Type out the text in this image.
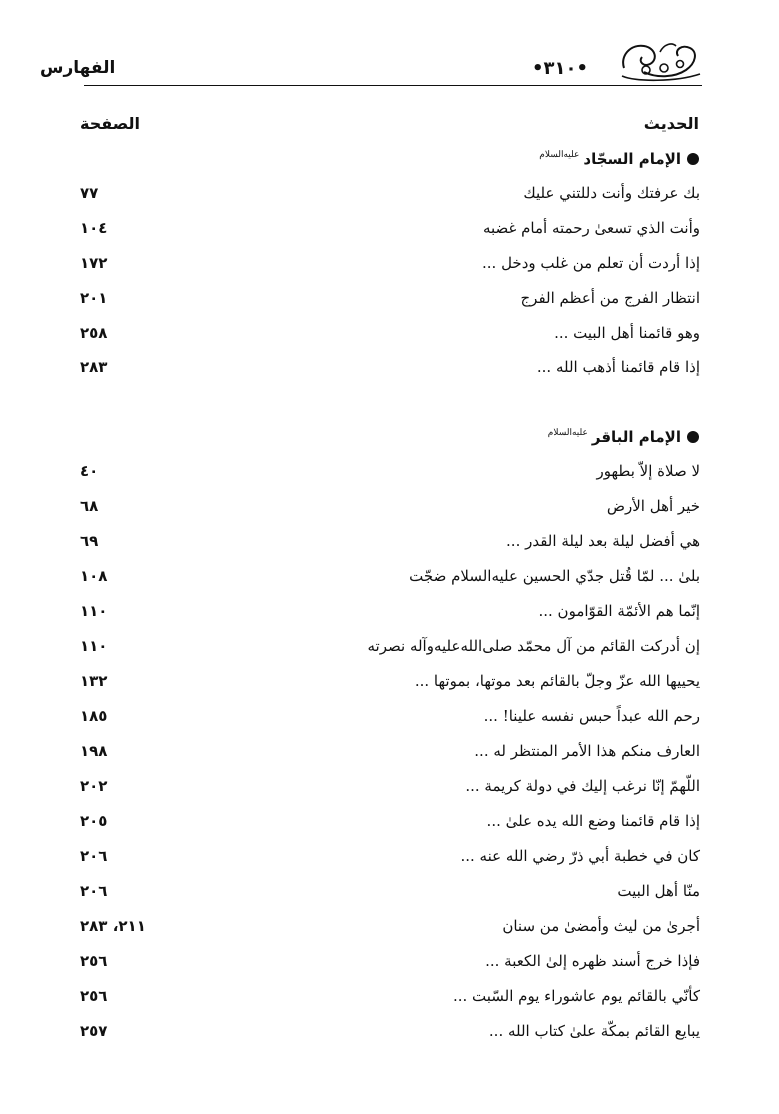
•٣١٠•
الفهارس
الحديث
الصفحة
الإمام السجّاد$^{عليه‌السلام}$
بك عرفتك وأنت دللتني عليك
٧٧
وأنت الذي تسعىٰ رحمته أمام غضبه
١٠٤
إذا أردت أن تعلم من غلب ودخل ...
١٧٢
انتظار الفرج من أعظم الفرج
٢٠١
وهو قائمنا أهل البيت ...
٢٥٨
إذا قام قائمنا أذهب الله ...
٢٨٣
الإمام الباقر$^{عليه‌السلام}$
لا صلاة إلاّ بطهور
٤٠
خير أهل الأرض
٦٨
هي أفضل ليلة بعد ليلة القدر ...
٦٩
بلىٰ ... لمّا قُتل جدّي الحسين عليه‌السلام ضجّت
١٠٨
إنّما هم الأئمّة القوّامون ...
١١٠
إن أدركت القائم من آل محمّد صلى‌الله‌عليه‌وآله نصرته
١١٠
يحييها الله عزّ وجلّ بالقائم بعد موتها، بموتها ...
١٣٢
رحم الله عبداً حبس نفسه علينا! ...
١٨٥
العارف منكم هذا الأمر المنتظر له ...
١٩٨
اللّهمّ إنّا نرغب إليك في دولة كريمة ...
٢٠٢
إذا قام قائمنا وضع الله يده علىٰ ...
٢٠٥
كان في خطبة أبي ذرّ رضي الله عنه ...
٢٠٦
منّا أهل البيت
٢٠٦
أجرىٰ من ليث وأمضىٰ من سنان
٢١١، ٢٨٣
فإذا خرج أسند ظهره إلىٰ الكعبة ...
٢٥٦
كأنّي بالقائم يوم عاشوراء يوم السّبت ...
٢٥٦
يبايع القائم بمكّة علىٰ كتاب الله ...
٢٥٧
